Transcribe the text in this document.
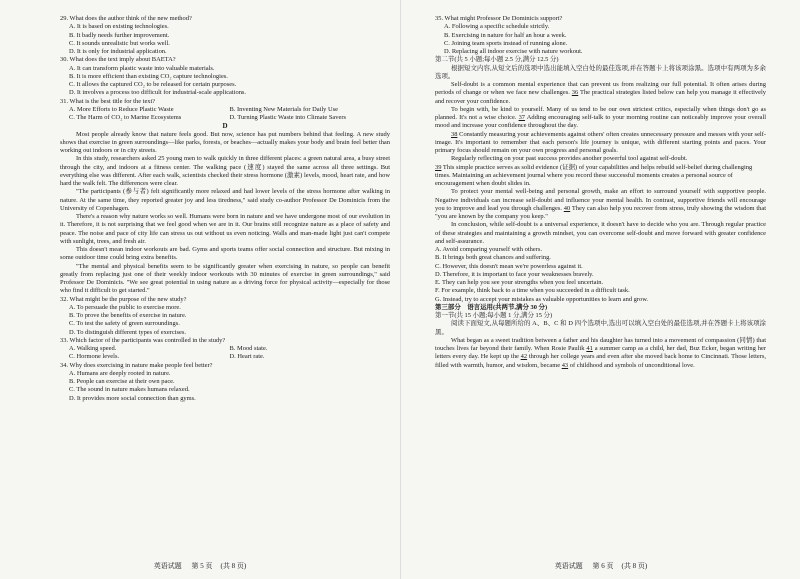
29. What does the author think of the new method?

A. It is based on existing technologies.

B. It badly needs further improvement.

C. It sounds unrealistic but works well.

D. It is only for industrial application.

30. What does the text imply about BAETA?

A. It can transform plastic waste into valuable materials.

B. It is more efficient than existing CO₂ capture technologies.

C. It allows the captured CO₂ to be released for certain purposes.

D. It involves a process too difficult for industrial-scale applications.

31. What is the best title for the text?

A. More Efforts to Reduce Plastic Waste	B. Inventing New Materials for Daily Use
C. The Harm of CO₂ to Marine Ecosystems	D. Turning Plastic Waste into Climate Savers

D

Most people already know that nature feels good. But now, science has put numbers behind that feeling. A new study shows that exercise in green surroundings—like parks, forests, or beaches—actually makes your body and brain feel better than working out indoors or in city streets.

In this study, researchers asked 25 young men to walk quickly in three different places: a green natural area, a busy street through the city, and indoors at a fitness center. The walking pace (速度) stayed the same across all three settings. But everything else was different. After each walk, scientists checked their stress hormone (激素) levels, mood, heart rate, and how hard the walk felt. The differences were clear.

"The participants (参与者) felt significantly more relaxed and had lower levels of the stress hormone after walking in nature. At the same time, they reported greater joy and less tiredness," said study co-author Professor De Dominicis from the University of Copenhagen.

There's a reason why nature works so well. Humans were born in nature and we have undergone most of our evolution in it. Therefore, it is not surprising that we feel good when we are in it. Our brains still recognize nature as a place of safety and peace. The noise and pace of city life can stress us out without us even noticing. Walls and man-made light just can't compete with sunlight, trees, and fresh air.

This doesn't mean indoor workouts are bad. Gyms and sports teams offer social connection and structure. But mixing in some outdoor time could bring extra benefits.

"The mental and physical benefits seem to be significantly greater when exercising in nature, so people can benefit greatly from replacing just one of their weekly indoor workouts with 30 minutes of exercise in green surroundings," said Professor De Dominicis. "We see great potential in using nature as a driving force for physical activity—especially for those who find it difficult to get started."

32. What might be the purpose of the new study?

A. To persuade the public to exercise more.

B. To prove the benefits of exercise in nature.

C. To test the safety of green surroundings.

D. To distinguish different types of exercises.

33. Which factor of the participants was controlled in the study?

A. Walking speed.	B. Mood state.
C. Hormone levels.	D. Heart rate.

34. Why does exercising in nature make people feel better?

A. Humans are deeply rooted in nature.

B. People can exercise at their own pace.

C. The sound in nature makes humans relaxed.

D. It provides more social connection than gyms.

英语试题 第 5 页 (共 8 页)

35. What might Professor De Dominicis support?

A. Following a specific schedule strictly.

B. Exercising in nature for half an hour a week.

C. Joining team sports instead of running alone.

D. Replacing all indoor exercise with nature workout.

第二节(共 5 小题;每小题 2.5 分,满分 12.5 分)

根据短文内容,从短文后的选项中选出能填入空白处的最佳选项,并在答题卡上将该项涂黑。选项中有两项为多余选项。

Self-doubt is a common mental experience that can prevent us from realizing our full potential. It often arises during periods of change or when we face new challenges. 36 The practical strategies listed below can help you manage it effectively and recover your confidence.

To begin with, be kind to yourself. Many of us tend to be our own strictest critics, especially when things don't go as planned. It's not a wise choice. 37 Adding encouraging self-talk to your morning routine can noticeably improve your overall mood and increase your confidence throughout the day.

38 Constantly measuring your achievements against others' often creates unnecessary pressure and messes with your self-image. It's important to remember that each person's life journey is unique, with different starting points and paces. Your primary focus should remain on your own progress and personal goals.

Regularly reflecting on your past success provides another powerful tool against self-doubt.

39 This simple practice serves as solid evidence (证据) of your capabilities and helps rebuild self-belief during challenging times. Maintaining an achievement journal where you record these successful moments creates a personal source of encouragement when doubt slides in.

To protect your mental well-being and personal growth, make an effort to surround yourself with supportive people. Negative individuals can increase self-doubt and influence your mental health. In contrast, supportive friends will encourage you to improve and lead you through challenges. 40 They can also help you recover from stress, truly showing the wisdom that "you are known by the company you keep."

In conclusion, while self-doubt is a universal experience, it doesn't have to decide who you are. Through regular practice of these strategies and maintaining a growth mindset, you can overcome self-doubt and move forward with greater confidence and self-assurance.

A. Avoid comparing yourself with others.

B. It brings both great chances and suffering.

C. However, this doesn't mean we're powerless against it.

D. Therefore, it is important to face your weaknesses bravely.

E. They can help you see your strengths when you feel uncertain.

F. For example, think back to a time when you succeeded in a difficult task.

G. Instead, try to accept your mistakes as valuable opportunities to learn and grow.

第三部分　语言运用(共两节,满分 30 分)

第一节(共 15 小题;每小题 1 分,满分 15 分)

阅读下面短文,从每题所给的 A、B、C 和 D 四个选项中,选出可以填入空白处的最佳选项,并在答题卡上将该项涂黑。

What began as a sweet tradition between a father and his daughter has turned into a movement of compassion (同情) that touches lives far beyond their family. When Rosie Paulik 41 a summer camp as a child, her dad, Buz Ecker, began writing her letters every day. He kept up the 42 through her college years and even after she moved back home to Cincinnati. Those letters, filled with warmth, humor, and wisdom, became 43 of childhood and symbols of unconditional love.

英语试题 第 6 页 (共 8 页)
